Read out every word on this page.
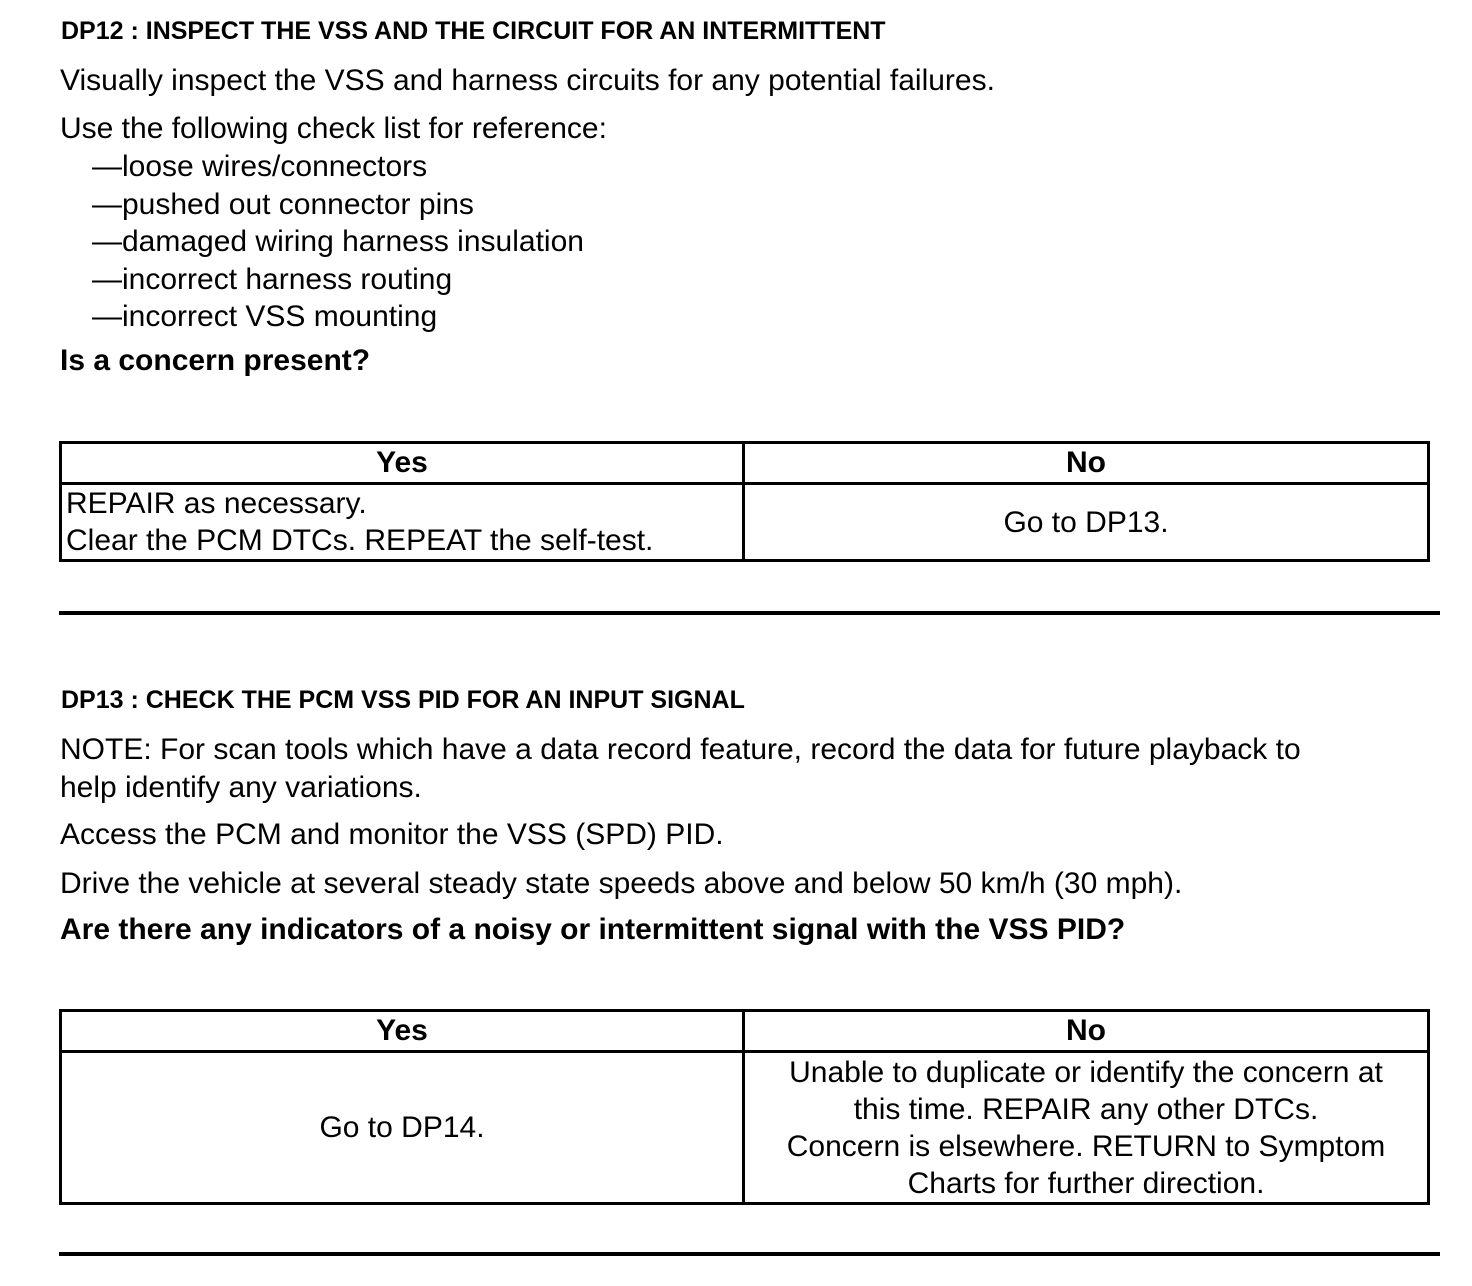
DP12 : INSPECT THE VSS AND THE CIRCUIT FOR AN INTERMITTENT
Visually inspect the VSS and harness circuits for any potential failures.
Use the following check list for reference:
—loose wires/connectors
—pushed out connector pins
—damaged wiring harness insulation
—incorrect harness routing
—incorrect VSS mounting
Is a concern present?
Yes	No

REPAIR as necessary.
Clear the PCM DTCs. REPEAT the self-test.	Go to DP13.
DP13 : CHECK THE PCM VSS PID FOR AN INPUT SIGNAL
NOTE: For scan tools which have a data record feature, record the data for future playback to
help identify any variations.
Access the PCM and monitor the VSS (SPD) PID.
Drive the vehicle at several steady state speeds above and below 50 km/h (30 mph).
Are there any indicators of a noisy or intermittent signal with the VSS PID?
Yes	No
Go to DP14.	Unable to duplicate or identify the concern at
this time. REPAIR any other DTCs.
Concern is elsewhere. RETURN to Symptom
Charts for further direction.
